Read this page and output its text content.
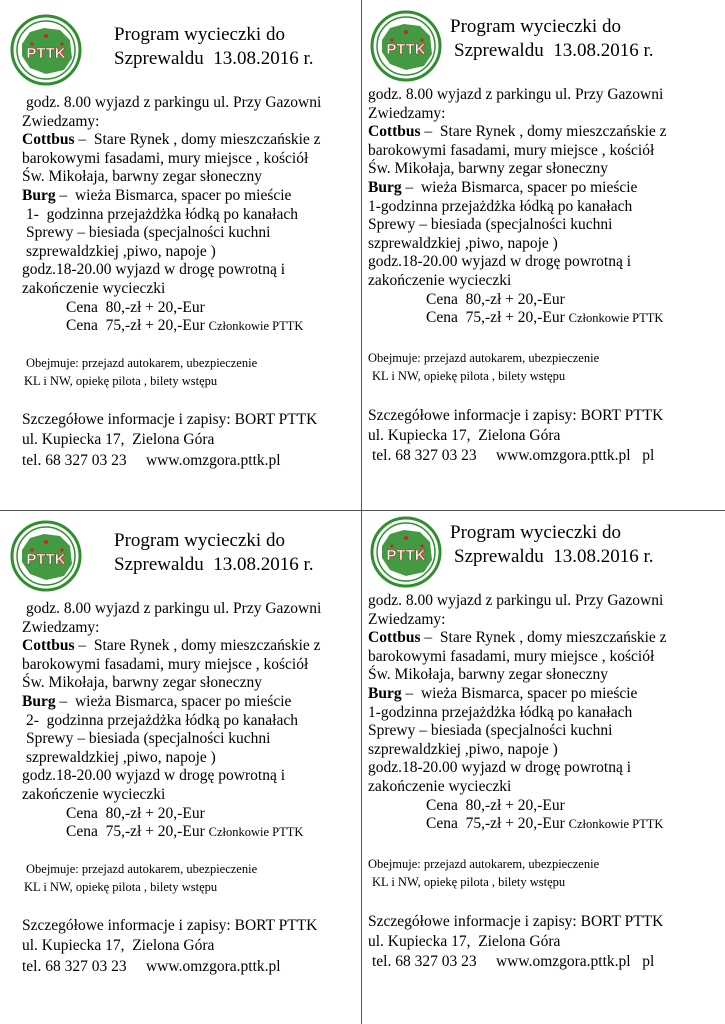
PTTK
Program wycieczki do
Szprewaldu  13.08.2016 r.
godz. 8.00 wyjazd z parkingu ul. Przy Gazowni
Zwiedzamy:
Cottbus –  Stare Rynek , domy mieszczańskie z
barokowymi fasadami, mury miejsce , kościół
Św. Mikołaja, barwny zegar słoneczny
Burg –  wieża Bismarca, spacer po mieście
1-  godzinna przejażdżka łódką po kanałach
Sprewy – biesiada (specjalności kuchni
szprewaldzkiej ,piwo, napoje )
godz.18-20.00 wyjazd w drogę powrotną i
zakończenie wycieczki
Cena  80,-zł + 20,-Eur
Cena  75,-zł + 20,-Eur Członkowie PTTK
Obejmuje: przejazd autokarem, ubezpieczenie
KL i NW, opiekę pilota , bilety wstępu
Szczegółowe informacje i zapisy: BORT PTTK
ul. Kupiecka 17,  Zielona Góra
tel. 68 327 03 23     www.omzgora.pttk.pl
PTTK
Program wycieczki do
Szprewaldu  13.08.2016 r.
godz. 8.00 wyjazd z parkingu ul. Przy Gazowni
Zwiedzamy:
Cottbus –  Stare Rynek , domy mieszczańskie z
barokowymi fasadami, mury miejsce , kościół
Św. Mikołaja, barwny zegar słoneczny
Burg –  wieża Bismarca, spacer po mieście
1-godzinna przejażdżka łódką po kanałach
Sprewy – biesiada (specjalności kuchni
szprewaldzkiej ,piwo, napoje )
godz.18-20.00 wyjazd w drogę powrotną i
zakończenie wycieczki
Cena  80,-zł + 20,-Eur
Cena  75,-zł + 20,-Eur Członkowie PTTK
Obejmuje: przejazd autokarem, ubezpieczenie
KL i NW, opiekę pilota , bilety wstępu
Szczegółowe informacje i zapisy: BORT PTTK
ul. Kupiecka 17,  Zielona Góra
tel. 68 327 03 23     www.omzgora.pttk.pl   pl
PTTK
Program wycieczki do
Szprewaldu  13.08.2016 r.
godz. 8.00 wyjazd z parkingu ul. Przy Gazowni
Zwiedzamy:
Cottbus –  Stare Rynek , domy mieszczańskie z
barokowymi fasadami, mury miejsce , kościół
Św. Mikołaja, barwny zegar słoneczny
Burg –  wieża Bismarca, spacer po mieście
2-  godzinna przejażdżka łódką po kanałach
Sprewy – biesiada (specjalności kuchni
szprewaldzkiej ,piwo, napoje )
godz.18-20.00 wyjazd w drogę powrotną i
zakończenie wycieczki
Cena  80,-zł + 20,-Eur
Cena  75,-zł + 20,-Eur Członkowie PTTK
Obejmuje: przejazd autokarem, ubezpieczenie
KL i NW, opiekę pilota , bilety wstępu
Szczegółowe informacje i zapisy: BORT PTTK
ul. Kupiecka 17,  Zielona Góra
tel. 68 327 03 23     www.omzgora.pttk.pl
PTTK
Program wycieczki do
Szprewaldu  13.08.2016 r.
godz. 8.00 wyjazd z parkingu ul. Przy Gazowni
Zwiedzamy:
Cottbus –  Stare Rynek , domy mieszczańskie z
barokowymi fasadami, mury miejsce , kościół
Św. Mikołaja, barwny zegar słoneczny
Burg –  wieża Bismarca, spacer po mieście
1-godzinna przejażdżka łódką po kanałach
Sprewy – biesiada (specjalności kuchni
szprewaldzkiej ,piwo, napoje )
godz.18-20.00 wyjazd w drogę powrotną i
zakończenie wycieczki
Cena  80,-zł + 20,-Eur
Cena  75,-zł + 20,-Eur Członkowie PTTK
Obejmuje: przejazd autokarem, ubezpieczenie
KL i NW, opiekę pilota , bilety wstępu
Szczegółowe informacje i zapisy: BORT PTTK
ul. Kupiecka 17,  Zielona Góra
tel. 68 327 03 23     www.omzgora.pttk.pl   pl
